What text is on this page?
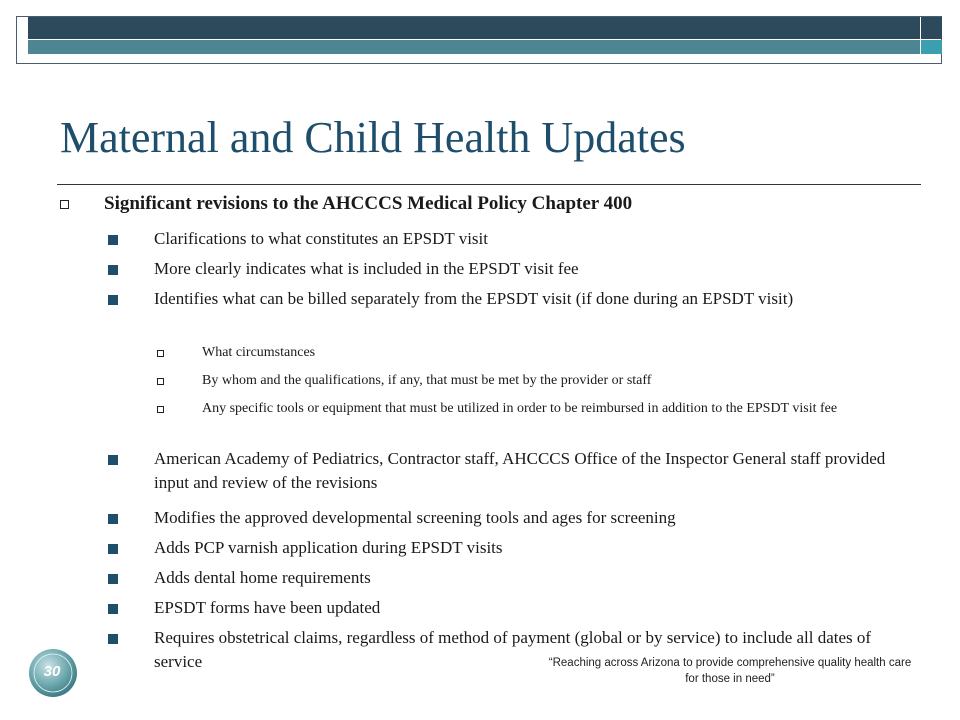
Maternal and Child Health Updates
Significant revisions to the AHCCCS Medical Policy Chapter 400
Clarifications to what constitutes an EPSDT visit
More clearly indicates what is included in the EPSDT visit fee
Identifies what can be billed separately from the EPSDT visit (if done during an EPSDT visit)
What circumstances
By whom and the qualifications, if any, that must be met by the provider or staff
Any specific tools or equipment that must be utilized in order to be reimbursed in addition to the EPSDT visit fee
American Academy of Pediatrics, Contractor staff, AHCCCS Office of the Inspector General staff provided input and review of the revisions
Modifies the approved developmental screening tools and ages for screening
Adds PCP varnish application during EPSDT visits
Adds dental home requirements
EPSDT forms have been updated
Requires obstetrical claims, regardless of method of payment (global or by service) to include all dates of service
30	“Reaching across Arizona to provide comprehensive quality health care for those in need”
